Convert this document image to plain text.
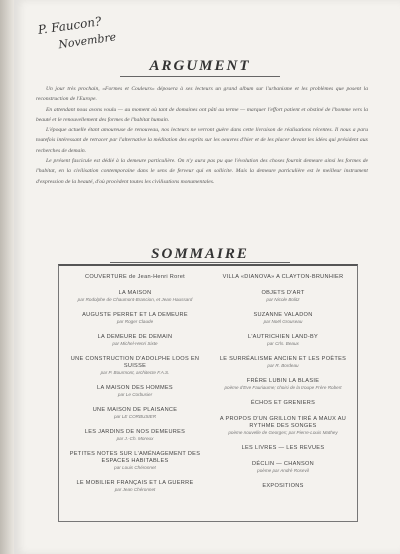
P. Faucon?
Novembre
ARGUMENT

Un jour très prochain, «Formes et Couleurs» déposera à ses lecteurs un grand album sur l'urbanisme et les problèmes que posent la reconstruction de l'Europe.

En attendant nous avons voulu — au moment où tant de domaines ont pâti au terme — marquer l'effort patient et obstiné de l'homme vers la beauté et le renouvellement des formes de l'habitat humain.

L'époque actuelle étant amoureuse de renouveau, nos lecteurs ne verront guère dans cette livraison de réalisations récentes. Il nous a paru toutefois intéressant de retracer par l'alternative la méditation des esprits sur les oeuvres d'hier et de les placer devant les idées qui président aux recherches de demain.

Le présent fascicule est dédié à la demeure particulière. On n'y aura pas pu que l'évolution des choses fournit demeure ainsi les formes de l'habitat, en la civilisation contemporaine dans le sens de ferveur qui en sollicite. Mais la demeure particulière est le meilleur instrument d'expression de la beauté, d'où procèdent toutes les civilisations monumentales.

SOMMAIRE
COUVERTURE de Jean-Henri Roret
LA MAISON
par Rodolphe de Chaumont-Brancion, et Jean Haussard
AUGUSTE PERRET ET LA DEMEURE
par Roger Claude
LA DEMEURE DE DEMAIN
par Michel-Henri Sixte
UNE CONSTRUCTION D'ADOLPHE LOOS EN SUISSE
par P. Bourmont, architecte F.A.S.
LA MAISON DES HOMMES
par Le Corbusier
UNE MAISON DE PLAISANCE
par LE CORBUSIER
LES JARDINS DE NOS DEMEURES
par J.-Ch. Moreux
PETITES NOTES SUR L'AMÉNAGEMENT DES ESPACES HABITABLES
par Louis Chéronnet
LE MOBILIER FRANÇAIS ET LA GUERRE
par Jean Chéronnet
VILLA «DIANOVA» A CLAYTON-BRUNHIER
OBJETS D'ART
par Nicole Bolitz
SUZANNE VALADON
par Noël Grouseau
L'AUTRICHIEN LAND-BY
par Crls. Beaux
LE SURRÉALISME ANCIEN ET LES POÈTES
par R. Bordeau
FRÈRE LUBIN LA BLASIE
poème d'Eve Fauriaume; choisi de la troupe Frère Robert
ÉCHOS ET GRENIERS
A PROPOS D'UN GRILLON TIRÉ A MAUX AU RYTHME DES SONGES
poème nouvelle de Georges; par Pierre-Louis Mathey
LES LIVRES — LES REVUES
DÉCLIN — CHANSON
poème par André Rosevil
EXPOSITIONS
